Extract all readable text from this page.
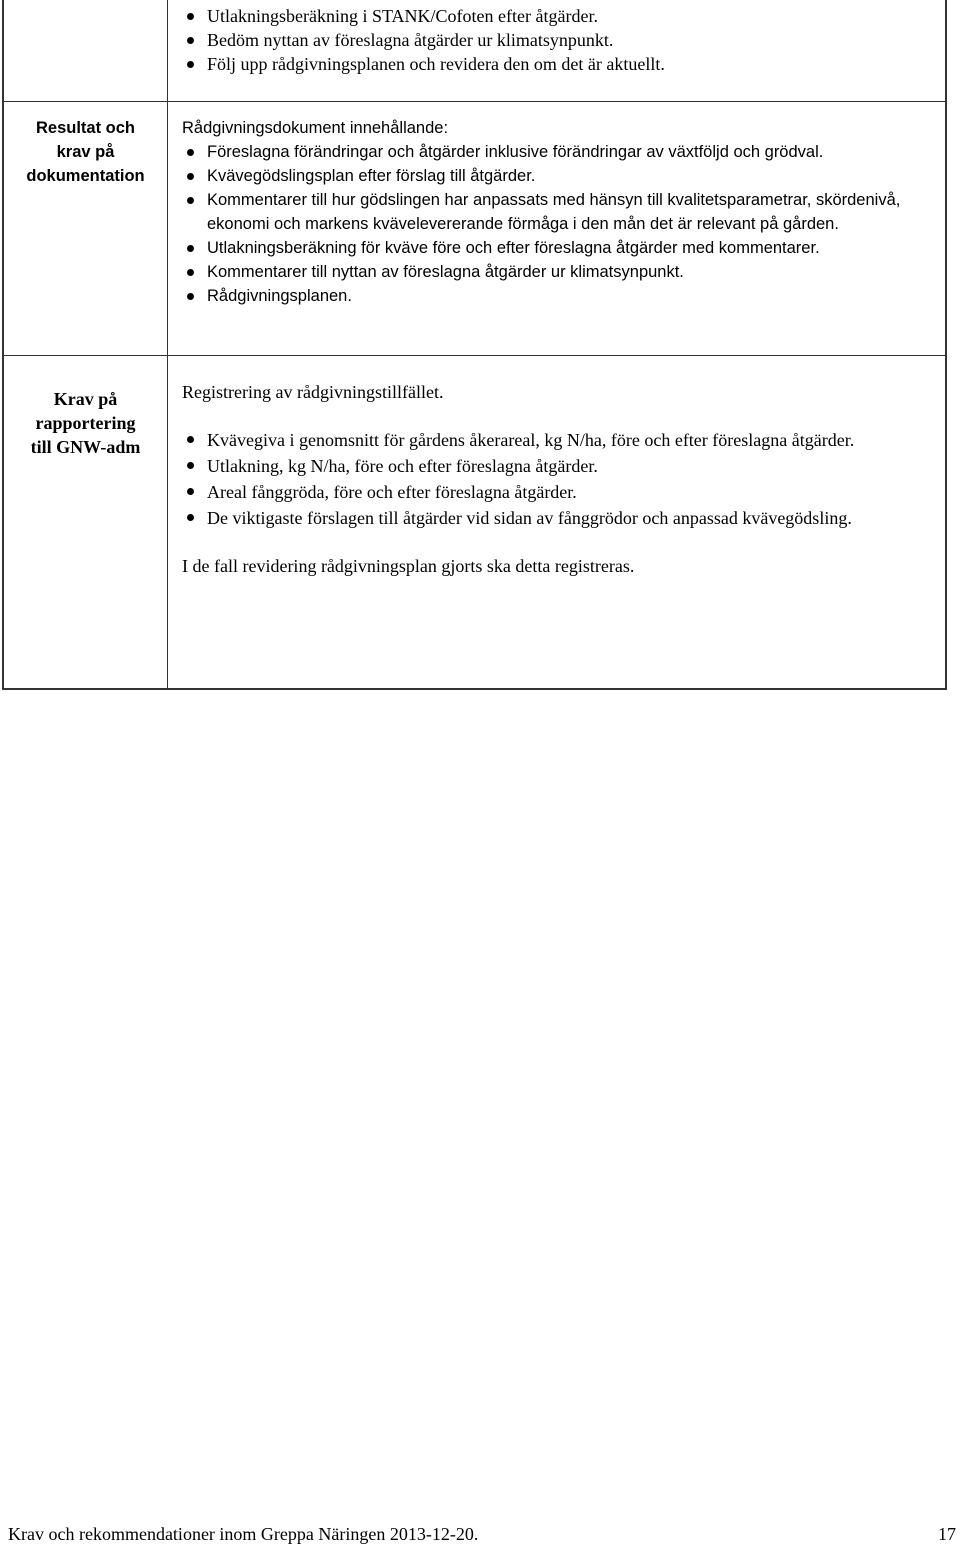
Utlakningsberäkning i STANK/Cofoten efter åtgärder.
Bedöm nyttan av föreslagna åtgärder ur klimatsynpunkt.
Följ upp rådgivningsplanen och revidera den om det är aktuellt.
Resultat och
krav på
dokumentation
Rådgivningsdokument innehållande:
Föreslagna förändringar och åtgärder inklusive förändringar av växtföljd och grödval.
Kvävegödslingsplan efter förslag till åtgärder.
Kommentarer till hur gödslingen har anpassats med hänsyn till kvalitetsparametrar, skördenivå, ekonomi och markens kvävelevererande förmåga i den mån det är relevant på gården.
Utlakningsberäkning för kväve före och efter föreslagna åtgärder med kommentarer.
Kommentarer till nyttan av föreslagna åtgärder ur klimatsynpunkt.
Rådgivningsplanen.
Krav på
rapportering
till GNW-adm
Registrering av rådgivningstillfället.
Kvävegiva i genomsnitt för gårdens åkerareal, kg N/ha, före och efter föreslagna åtgärder.
Utlakning, kg N/ha, före och efter föreslagna åtgärder.
Areal fånggröda, före och efter föreslagna åtgärder.
De viktigaste förslagen till åtgärder vid sidan av fånggrödor och anpassad kvävegödsling.
I de fall revidering rådgivningsplan gjorts ska detta registreras.
Krav och rekommendationer inom Greppa Näringen 2013-12-20.	17
